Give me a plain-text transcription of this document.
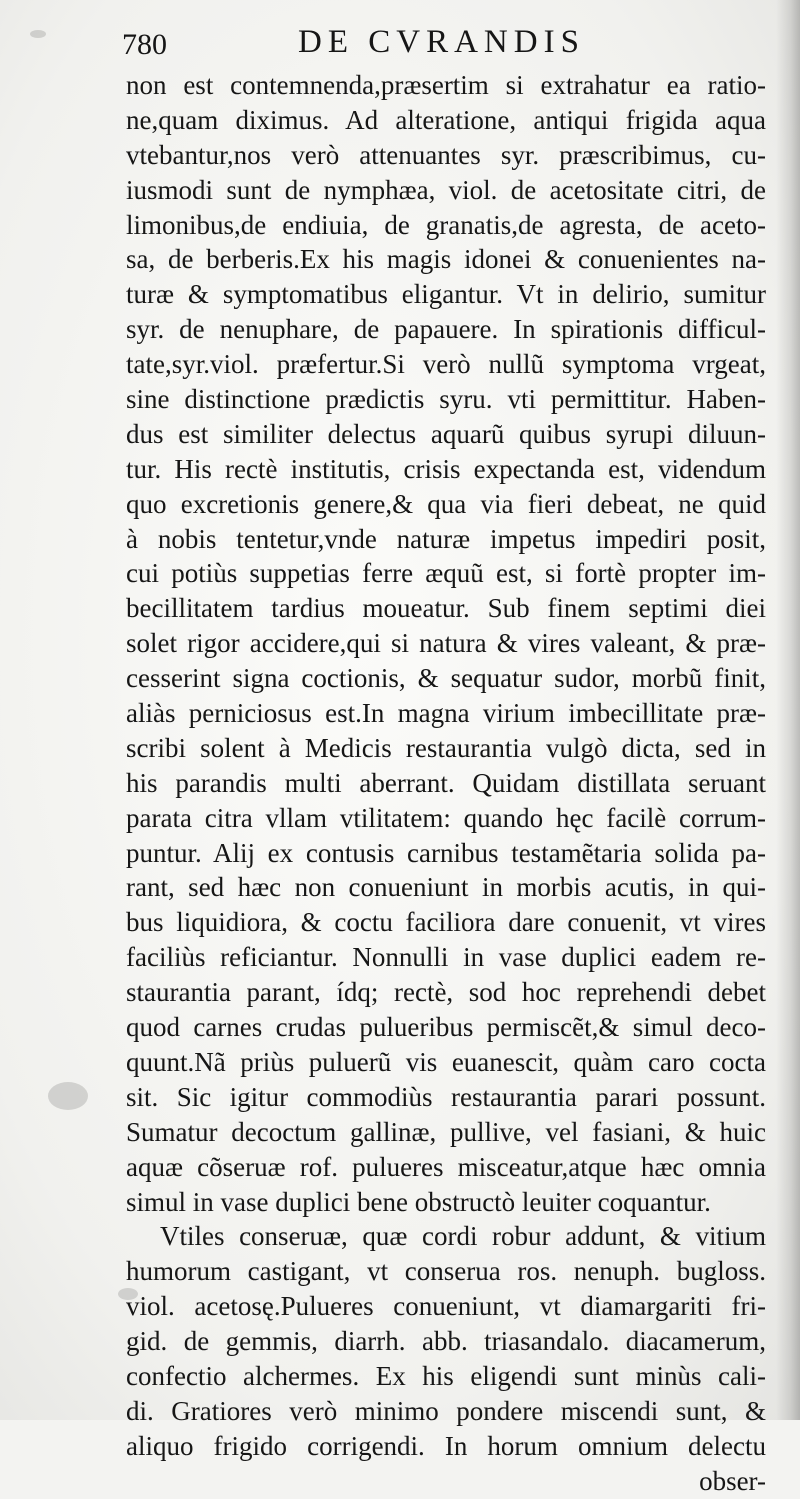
780	DE CVRANDIS
non est contemnenda,præsertim si extrahatur ea ratio-
ne,quam diximus. Ad alteratione, antiqui frigida aqua
vtebantur,nos verò attenuantes syr. præscribimus, cu-
iusmodi sunt de nymphæa, viol. de acetositate citri, de
limonibus,de endiuia, de granatis,de agresta, de aceto-
sa, de berberis.Ex his magis idonei & conuenientes na-
turæ & symptomatibus eligantur. Vt in delirio, sumitur
syr. de nenuphare, de papauere. In spirationis difficul-
tate,syr.viol. præfertur.Si verò nullũ symptoma vrgeat,
sine distinctione prædictis syru. vti permittitur. Haben-
dus est similiter delectus aquarũ quibus syrupi diluun-
tur. His rectè institutis, crisis expectanda est, videndum
quo excretionis genere,& qua via fieri debeat, ne quid
à nobis tentetur,vnde naturæ impetus impediri posit,
cui potiùs suppetias ferre æquũ est, si fortè propter im-
becillitatem tardius moueatur. Sub finem septimi diei
solet rigor accidere,qui si natura & vires valeant, & præ-
cesserint signa coctionis, & sequatur sudor, morbũ finit,
aliàs perniciosus est.In magna virium imbecillitate præ-
scribi solent à Medicis restaurantia vulgò dicta, sed in
his parandis multi aberrant. Quidam distillata seruant
parata citra vllam vtilitatem: quando hęc facilè corrum-
puntur. Alij ex contusis carnibus testamẽtaria solida pa-
rant, sed hæc non conueniunt in morbis acutis, in qui-
bus liquidiora, & coctu faciliora dare conuenit, vt vires
faciliùs reficiantur. Nonnulli in vase duplici eadem re-
staurantia parant, ídq; rectè, sod hoc reprehendi debet
quod carnes crudas pulueribus permiscẽt,& simul deco-
quunt.Nã priùs puluerũ vis euanescit, quàm caro cocta
sit. Sic igitur commodiùs restaurantia parari possunt.
Sumatur decoctum gallinæ, pullive, vel fasiani, & huic
aquæ cõseruæ rof. pulueres misceatur,atque hæc omnia
simul in vase duplici bene obstructò leuiter coquantur.
Vtiles conseruæ, quæ cordi robur addunt, & vitium
humorum castigant, vt conserua ros. nenuph. bugloss.
viol. acetosę.Pulueres conueniunt, vt diamargariti fri-
gid. de gemmis, diarrh. abb. triasandalo. diacamerum,
confectio alchermes. Ex his eligendi sunt minùs cali-
di. Gratiores verò minimo pondere miscendi sunt, &
aliquo frigido corrigendi. In horum omnium delectu
obser-
